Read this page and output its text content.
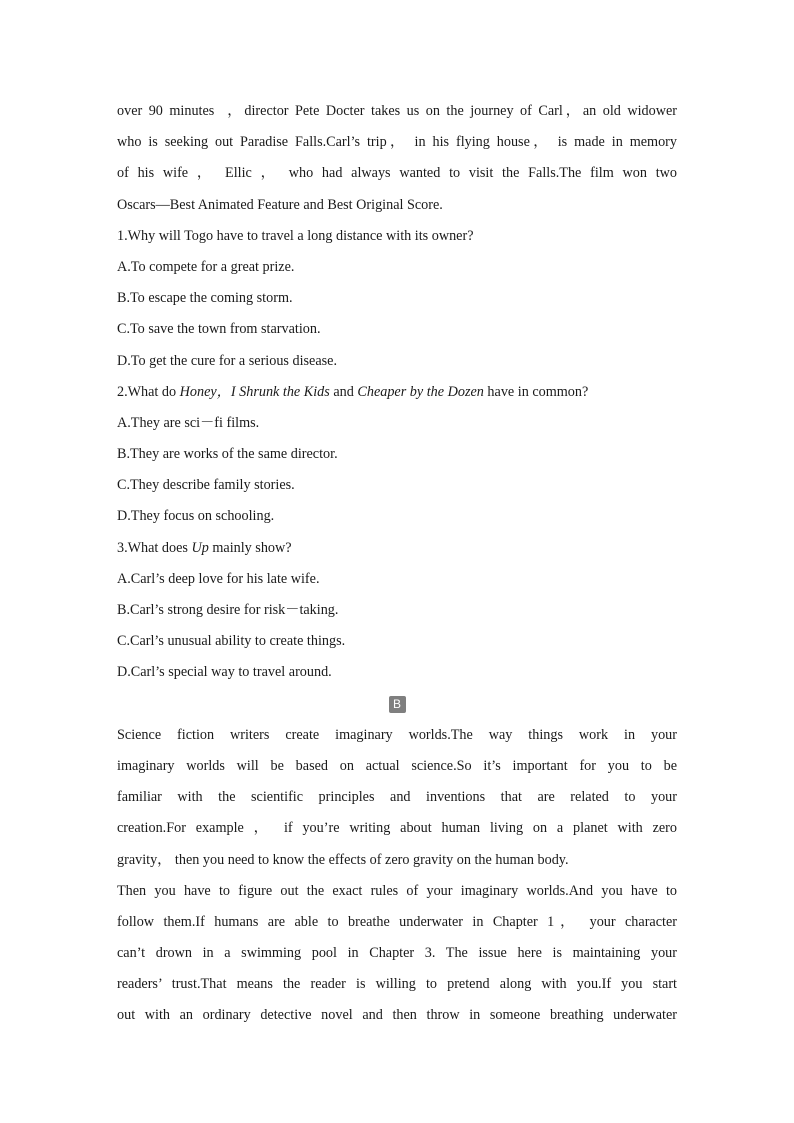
over 90 minutes  ，director Pete Docter takes us on the journey of Carl，an old widower
who is seeking out Paradise Falls.Carl’s trip， in his flying house， is made in memory
of his wife ， Ellic ， who had always wanted to visit the Falls.The film won two
Oscars—Best Animated Feature and Best Original Score.
1.Why will Togo have to travel a long distance with its owner?
A.To compete for a great prize.
B.To escape the coming storm.
C.To save the town from starvation.
D.To get the cure for a serious disease.
2.What do Honey，I Shrunk the Kids and Cheaper by the Dozen have in common?
A.They are sci－fi films.
B.They are works of the same director.
C.They describe family stories.
D.They focus on schooling.
3.What does Up mainly show?
A.Carl’s deep love for his late wife.
B.Carl’s strong desire for risk－taking.
C.Carl’s unusual ability to create things.
D.Carl’s special way to travel around.
B
Science fiction writers create imaginary worlds.The way things work in your
imaginary worlds will be based on actual science.So it’s important for you to be
familiar with the scientific principles and inventions that are related to your
creation.For example ， if you’re writing about human living on a planet with zero
gravity， then you need to know the effects of zero gravity on the human body.
Then you have to figure out the exact rules of your imaginary worlds.And you have to
follow them.If humans are able to breathe underwater in Chapter 1， your character
can’t drown in a swimming pool in Chapter 3. The issue here is maintaining your
readers’ trust.That means the reader is willing to pretend along with you.If you start
out with an ordinary detective novel and then throw in someone breathing underwater
